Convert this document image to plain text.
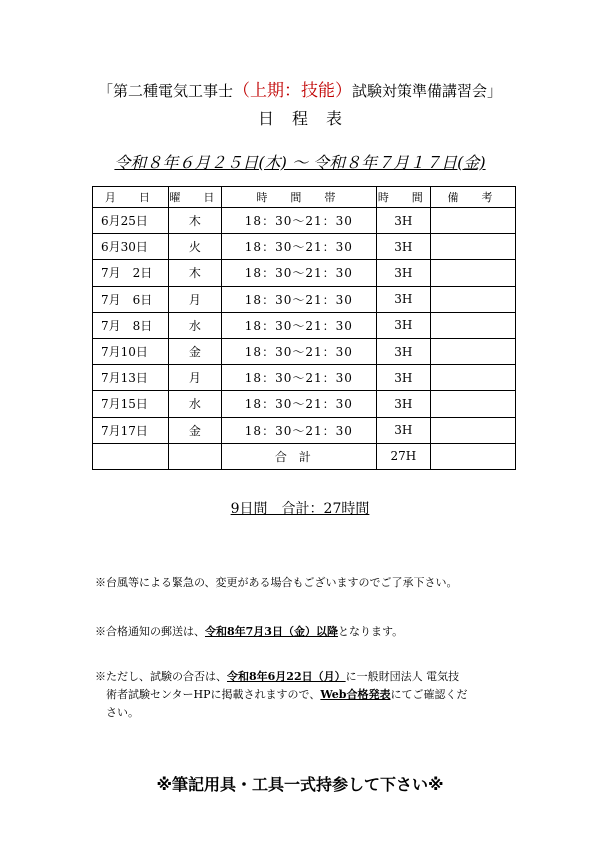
「第二種電気工事士（上期：技能）試験対策準備講習会」
日程表
令和８年６月２５日(木) 〜 令和８年７月１７日(金)
月　日	曜　日	時　間　帯	時　間	備　考
6月25日	木	18：30〜21：30	3H	
6月30日	火	18：30〜21：30	3H	
7月　2日	木	18：30〜21：30	3H	
7月　6日	月	18：30〜21：30	3H	
7月　8日	水	18：30〜21：30	3H	
7月10日	金	18：30〜21：30	3H	
7月13日	月	18：30〜21：30	3H	
7月15日	水	18：30〜21：30	3H	
7月17日	金	18：30〜21：30	3H	
		合計	27H	
9日間　合計：27時間
※台風等による緊急の、変更がある場合もございますのでご了承下さい。
※合格通知の郵送は、令和8年7月3日（金）以降となります。
※ただし、試験の合否は、令和8年6月22日（月）に一般財団法人 電気技
術者試験センターHPに掲載されますので、Web合格発表にてご確認くだ
さい。
※筆記用具・工具一式持参して下さい※
